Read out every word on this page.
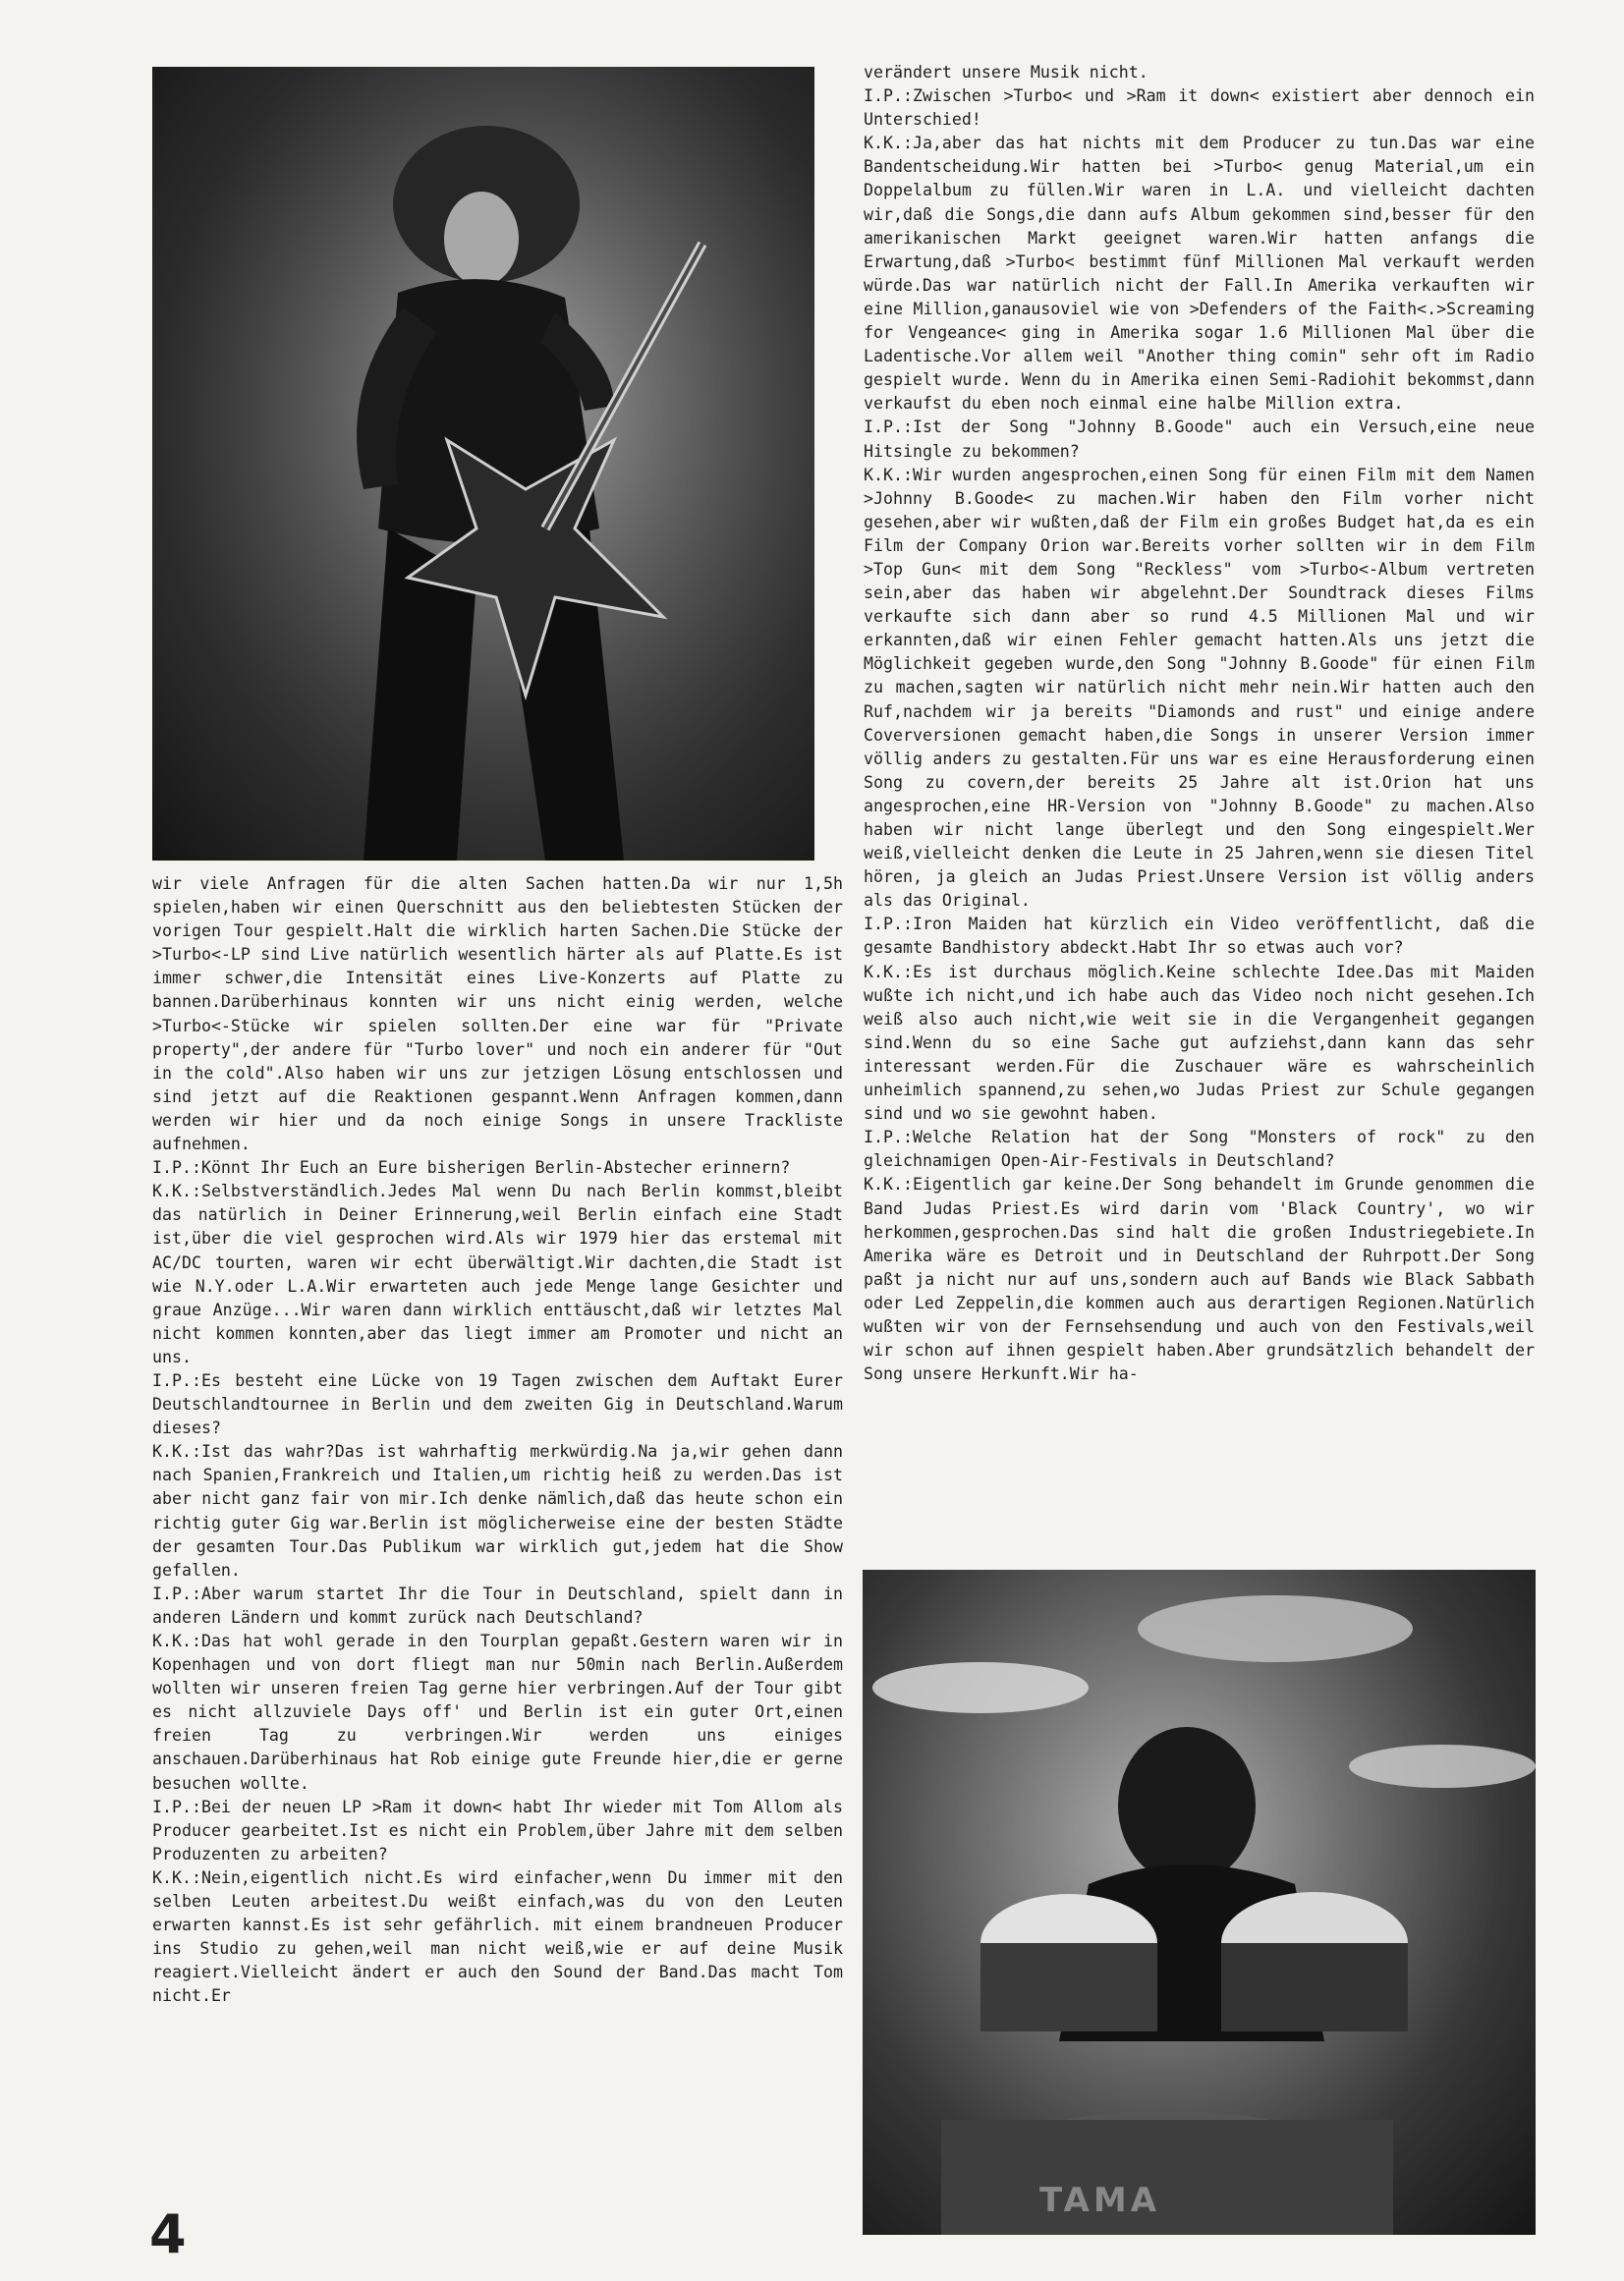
TAMA

verändert unsere Musik nicht.

I.P.:Zwischen >Turbo< und >Ram it down< existiert aber dennoch ein Unterschied!

K.K.:Ja,aber das hat nichts mit dem Producer zu tun.Das war eine Bandentscheidung.Wir hatten bei >Turbo< genug Material,um ein Doppelalbum zu füllen.Wir waren in L.A. und vielleicht dachten wir,daß die Songs,die dann aufs Album gekommen sind,besser für den amerikanischen Markt geeignet waren.Wir hatten anfangs die Erwartung,daß >Turbo< bestimmt fünf Millionen Mal verkauft werden würde.Das war natürlich nicht der Fall.In Amerika verkauften wir eine Million,ganausoviel wie von >Defenders of the Faith<.>Screaming for Vengeance< ging in Amerika sogar 1.6 Millionen Mal über die Ladentische.Vor allem weil "Another thing comin" sehr oft im Radio gespielt wurde. Wenn du in Amerika einen Semi-Radiohit bekommst,dann verkaufst du eben noch einmal eine halbe Million extra.

I.P.:Ist der Song "Johnny B.Goode" auch ein Versuch,eine neue Hitsingle zu bekommen?

K.K.:Wir wurden angesprochen,einen Song für einen Film mit dem Namen >Johnny B.Goode< zu machen.Wir haben den Film vorher nicht gesehen,aber wir wußten,daß der Film ein großes Budget hat,da es ein Film der Company Orion war.Bereits vorher sollten wir in dem Film >Top Gun< mit dem Song "Reckless" vom >Turbo<-Album vertreten sein,aber das haben wir abgelehnt.Der Soundtrack dieses Films verkaufte sich dann aber so rund 4.5 Millionen Mal und wir erkannten,daß wir einen Fehler gemacht hatten.Als uns jetzt die Möglichkeit gegeben wurde,den Song "Johnny B.Goode" für einen Film zu machen,sagten wir natürlich nicht mehr nein.Wir hatten auch den Ruf,nachdem wir ja bereits "Diamonds and rust" und einige andere Coverversionen gemacht haben,die Songs in unserer Version immer völlig anders zu gestalten.Für uns war es eine Herausforderung einen Song zu covern,der bereits 25 Jahre alt ist.Orion hat uns angesprochen,eine HR-Version von "Johnny B.Goode" zu machen.Also haben wir nicht lange überlegt und den Song eingespielt.Wer weiß,vielleicht denken die Leute in 25 Jahren,wenn sie diesen Titel hören, ja gleich an Judas Priest.Unsere Version ist völlig anders als das Original.

I.P.:Iron Maiden hat kürzlich ein Video veröffentlicht, daß die gesamte Bandhistory abdeckt.Habt Ihr so etwas auch vor?

K.K.:Es ist durchaus möglich.Keine schlechte Idee.Das mit Maiden wußte ich nicht,und ich habe auch das Video noch nicht gesehen.Ich weiß also auch nicht,wie weit sie in die Vergangenheit gegangen sind.Wenn du so eine Sache gut aufziehst,dann kann das sehr interessant werden.Für die Zuschauer wäre es wahrscheinlich unheimlich spannend,zu sehen,wo Judas Priest zur Schule gegangen sind und wo sie gewohnt haben.

I.P.:Welche Relation hat der Song "Monsters of rock" zu den gleichnamigen Open-Air-Festivals in Deutschland?

K.K.:Eigentlich gar keine.Der Song behandelt im Grunde genommen die Band Judas Priest.Es wird darin vom 'Black Country', wo wir herkommen,gesprochen.Das sind halt die großen Industriegebiete.In Amerika wäre es Detroit und in Deutschland der Ruhrpott.Der Song paßt ja nicht nur auf uns,sondern auch auf Bands wie Black Sabbath oder Led Zeppelin,die kommen auch aus derartigen Regionen.Natürlich wußten wir von der Fernsehsendung und auch von den Festivals,weil wir schon auf ihnen gespielt haben.Aber grundsätzlich behandelt der Song unsere Herkunft.Wir ha-

wir viele Anfragen für die alten Sachen hatten.Da wir nur 1,5h spielen,haben wir einen Querschnitt aus den beliebtesten Stücken der vorigen Tour gespielt.Halt die wirklich harten Sachen.Die Stücke der >Turbo<-LP sind Live natürlich wesentlich härter als auf Platte.Es ist immer schwer,die Intensität eines Live-Konzerts auf Platte zu bannen.Darüberhinaus konnten wir uns nicht einig werden, welche >Turbo<-Stücke wir spielen sollten.Der eine war für "Private property",der andere für "Turbo lover" und noch ein anderer für "Out in the cold".Also haben wir uns zur jetzigen Lösung entschlossen und sind jetzt auf die Reaktionen gespannt.Wenn Anfragen kommen,dann werden wir hier und da noch einige Songs in unsere Trackliste aufnehmen.

I.P.:Könnt Ihr Euch an Eure bisherigen Berlin-Abstecher erinnern?

K.K.:Selbstverständlich.Jedes Mal wenn Du nach Berlin kommst,bleibt das natürlich in Deiner Erinnerung,weil Berlin einfach eine Stadt ist,über die viel gesprochen wird.Als wir 1979 hier das erstemal mit AC/DC tourten, waren wir echt überwältigt.Wir dachten,die Stadt ist wie N.Y.oder L.A.Wir erwarteten auch jede Menge lange Gesichter und graue Anzüge...Wir waren dann wirklich enttäuscht,daß wir letztes Mal nicht kommen konnten,aber das liegt immer am Promoter und nicht an uns.

I.P.:Es besteht eine Lücke von 19 Tagen zwischen dem Auftakt Eurer Deutschlandtournee in Berlin und dem zweiten Gig in Deutschland.Warum dieses?

K.K.:Ist das wahr?Das ist wahrhaftig merkwürdig.Na ja,wir gehen dann nach Spanien,Frankreich und Italien,um richtig heiß zu werden.Das ist aber nicht ganz fair von mir.Ich denke nämlich,daß das heute schon ein richtig guter Gig war.Berlin ist möglicherweise eine der besten Städte der gesamten Tour.Das Publikum war wirklich gut,jedem hat die Show gefallen.

I.P.:Aber warum startet Ihr die Tour in Deutschland, spielt dann in anderen Ländern und kommt zurück nach Deutschland?

K.K.:Das hat wohl gerade in den Tourplan gepaßt.Gestern waren wir in Kopenhagen und von dort fliegt man nur 50min nach Berlin.Außerdem wollten wir unseren freien Tag gerne hier verbringen.Auf der Tour gibt es nicht allzuviele Days off' und Berlin ist ein guter Ort,einen freien Tag zu verbringen.Wir werden uns einiges anschauen.Darüberhinaus hat Rob einige gute Freunde hier,die er gerne besuchen wollte.

I.P.:Bei der neuen LP >Ram it down< habt Ihr wieder mit Tom Allom als Producer gearbeitet.Ist es nicht ein Problem,über Jahre mit dem selben Produzenten zu arbeiten?

K.K.:Nein,eigentlich nicht.Es wird einfacher,wenn Du immer mit den selben Leuten arbeitest.Du weißt einfach,was du von den Leuten erwarten kannst.Es ist sehr gefährlich. mit einem brandneuen Producer ins Studio zu gehen,weil man nicht weiß,wie er auf deine Musik reagiert.Vielleicht ändert er auch den Sound der Band.Das macht Tom nicht.Er

4
